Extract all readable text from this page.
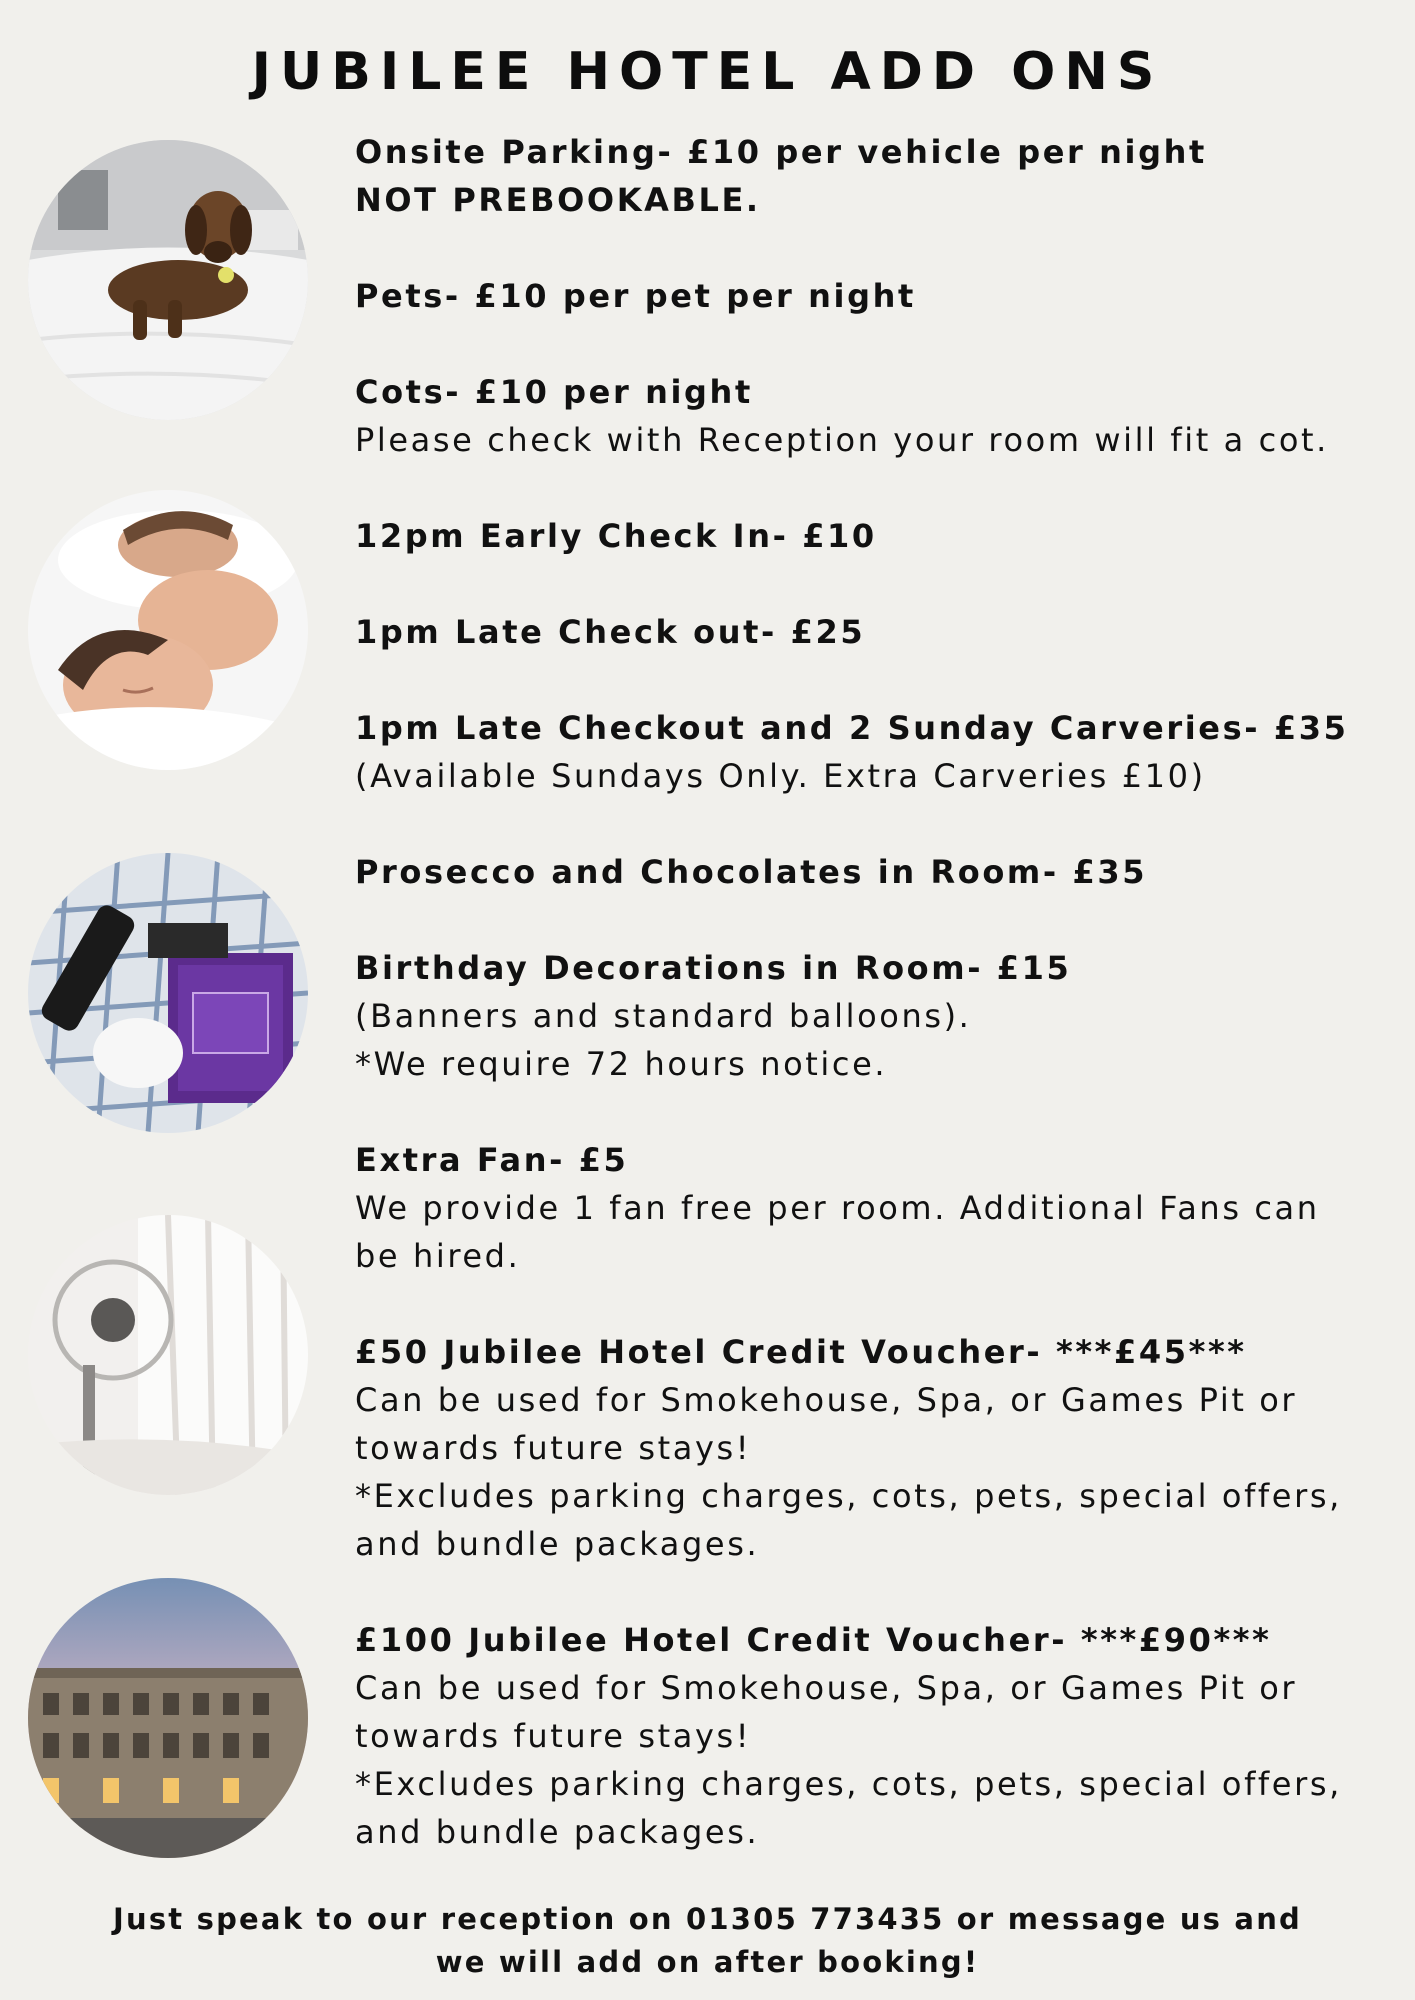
JUBILEE HOTEL ADD ONS
Onsite Parking- £10 per vehicle per night
NOT PREBOOKABLE.
Pets- £10 per pet per night
Cots- £10 per night
Please check with Reception your room will fit a cot.
12pm Early Check In- £10
1pm Late Check out- £25
1pm Late Checkout and 2 Sunday Carveries- £35
(Available Sundays Only. Extra Carveries £10)
Prosecco and Chocolates in Room- £35
Birthday Decorations in Room- £15
(Banners and standard balloons).
*We require 72 hours notice.
Extra Fan- £5
We provide 1 fan free per room. Additional Fans can
be hired.
£50 Jubilee Hotel Credit Voucher- ***£45***
Can be used for Smokehouse, Spa, or Games Pit or
towards future stays!
*Excludes parking charges, cots, pets, special offers,
and bundle packages.
£100 Jubilee Hotel Credit Voucher- ***£90***
Can be used for Smokehouse, Spa, or Games Pit or
towards future stays!
*Excludes parking charges, cots, pets, special offers,
and bundle packages.
Just speak to our reception on 01305 773435 or message us and
we will add on after booking!
